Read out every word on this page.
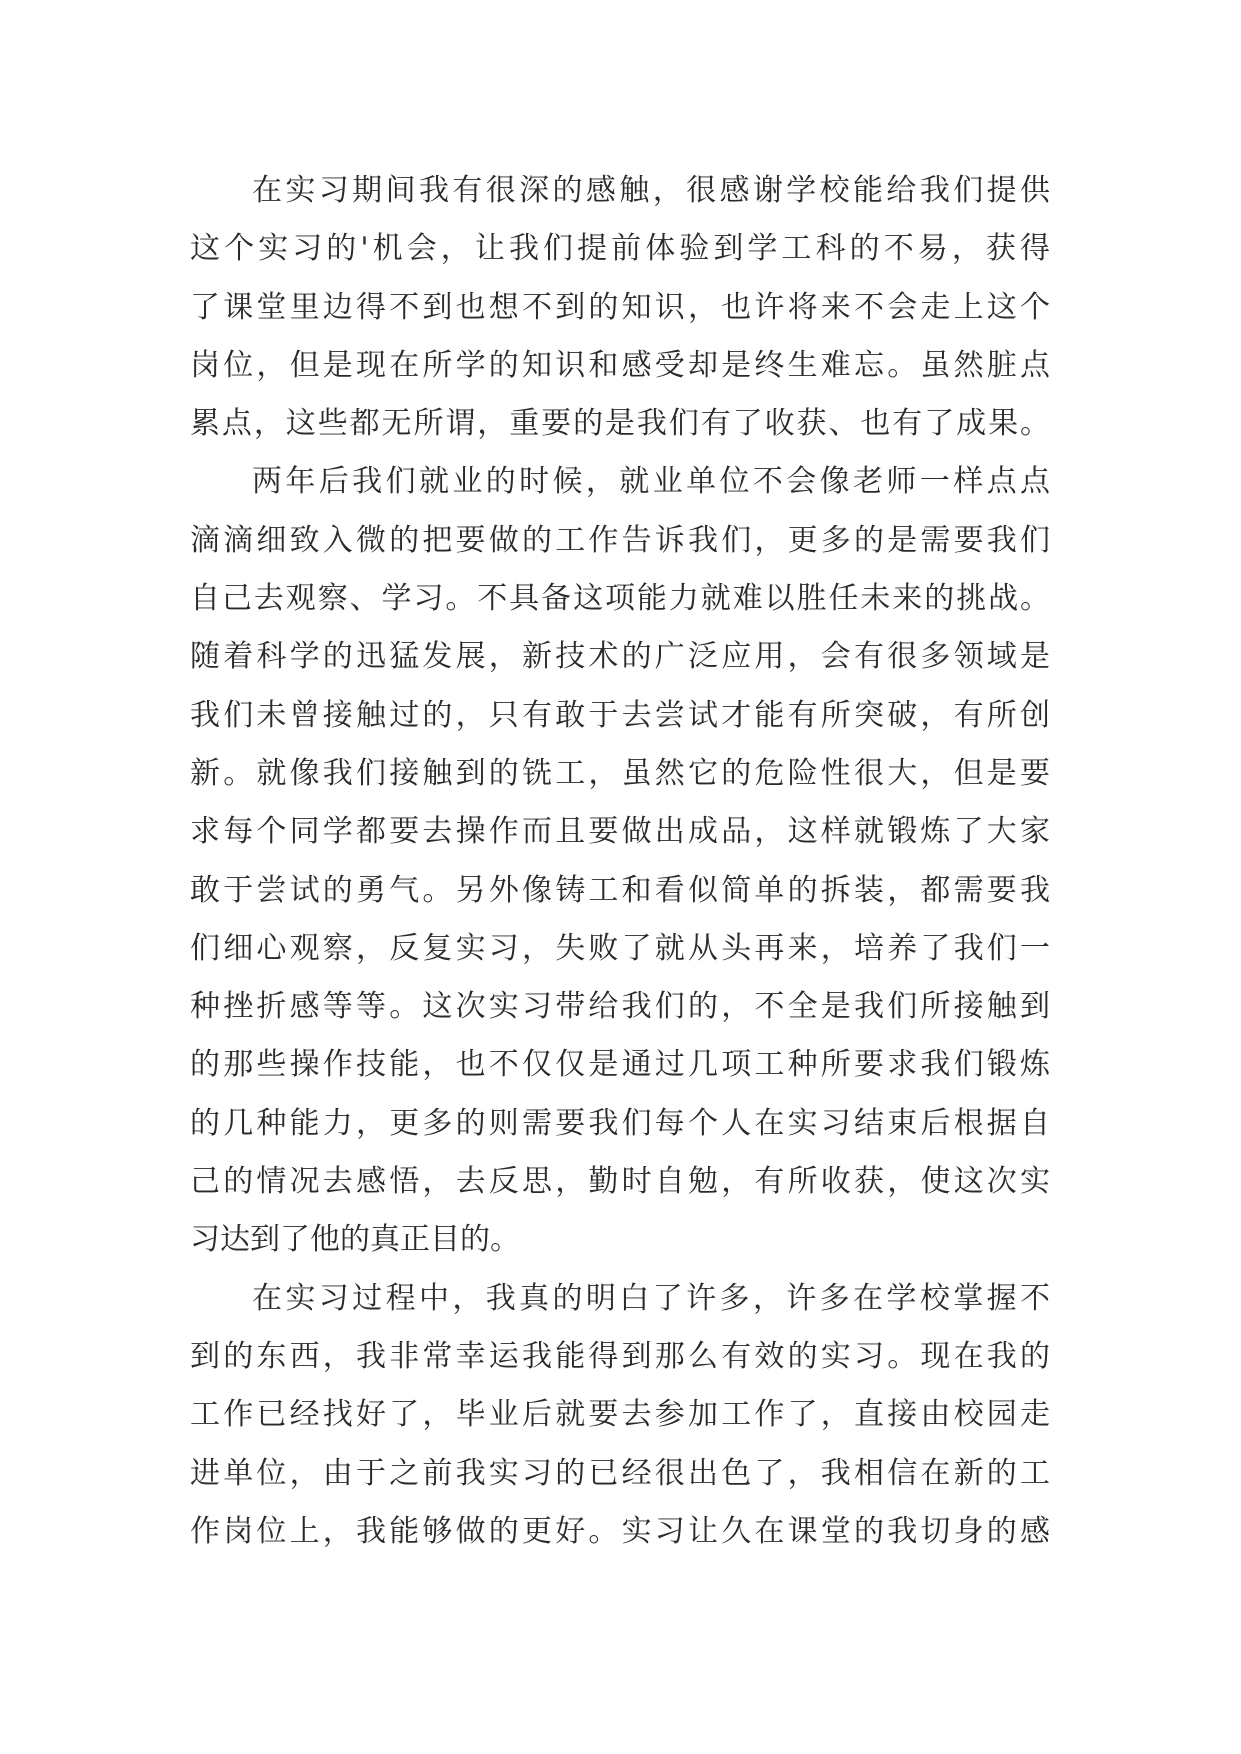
在实习期间我有很深的感触，很感谢学校能给我们提供
这个实习的'机会，让我们提前体验到学工科的不易，获得
了课堂里边得不到也想不到的知识，也许将来不会走上这个
岗位，但是现在所学的知识和感受却是终生难忘。虽然脏点
累点，这些都无所谓，重要的是我们有了收获、也有了成果。
两年后我们就业的时候，就业单位不会像老师一样点点
滴滴细致入微的把要做的工作告诉我们，更多的是需要我们
自己去观察、学习。不具备这项能力就难以胜任未来的挑战。
随着科学的迅猛发展，新技术的广泛应用，会有很多领域是
我们未曾接触过的，只有敢于去尝试才能有所突破，有所创
新。就像我们接触到的铣工，虽然它的危险性很大，但是要
求每个同学都要去操作而且要做出成品，这样就锻炼了大家
敢于尝试的勇气。另外像铸工和看似简单的拆装，都需要我
们细心观察，反复实习，失败了就从头再来，培养了我们一
种挫折感等等。这次实习带给我们的，不全是我们所接触到
的那些操作技能，也不仅仅是通过几项工种所要求我们锻炼
的几种能力，更多的则需要我们每个人在实习结束后根据自
己的情况去感悟，去反思，勤时自勉，有所收获，使这次实
习达到了他的真正目的。
在实习过程中，我真的明白了许多，许多在学校掌握不
到的东西，我非常幸运我能得到那么有效的实习。现在我的
工作已经找好了，毕业后就要去参加工作了，直接由校园走
进单位，由于之前我实习的已经很出色了，我相信在新的工
作岗位上，我能够做的更好。实习让久在课堂的我切身的感
